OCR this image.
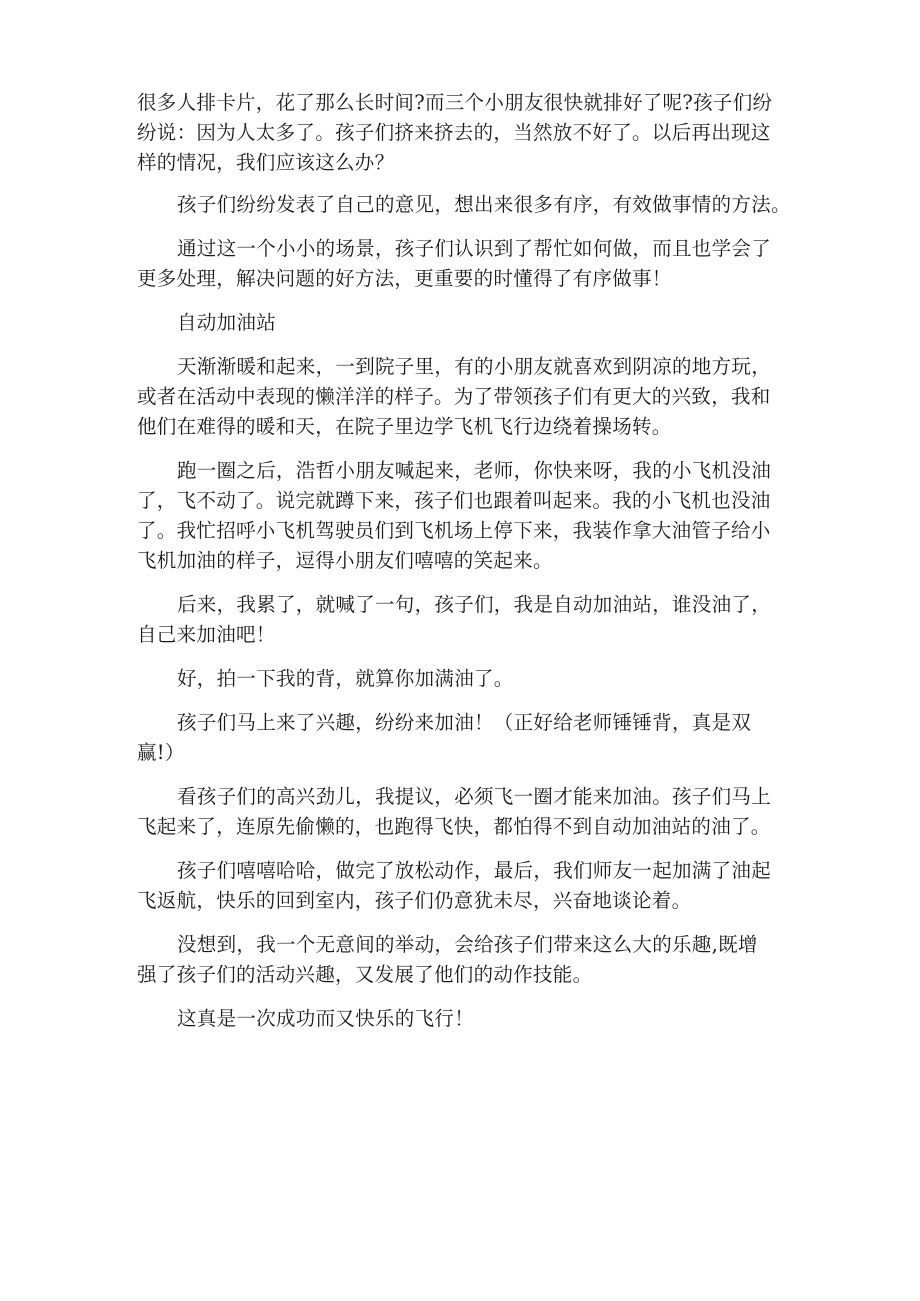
很多人排卡片，花了那么长时间?而三个小朋友很快就排好了呢?孩子们纷
纷说：因为人太多了。孩子们挤来挤去的，当然放不好了。以后再出现这
样的情况，我们应该这么办？

孩子们纷纷发表了自己的意见，想出来很多有序，有效做事情的方法。

通过这一个小小的场景，孩子们认识到了帮忙如何做，而且也学会了
更多处理，解决问题的好方法，更重要的时懂得了有序做事！

自动加油站

天渐渐暖和起来，一到院子里，有的小朋友就喜欢到阴凉的地方玩，
或者在活动中表现的懒洋洋的样子。为了带领孩子们有更大的兴致，我和
他们在难得的暖和天，在院子里边学飞机飞行边绕着操场转。

跑一圈之后，浩哲小朋友喊起来，老师，你快来呀，我的小飞机没油
了，飞不动了。说完就蹲下来，孩子们也跟着叫起来。我的小飞机也没油
了。我忙招呼小飞机驾驶员们到飞机场上停下来，我装作拿大油管子给小
飞机加油的样子，逗得小朋友们嘻嘻的笑起来。

后来，我累了，就喊了一句，孩子们，我是自动加油站，谁没油了，
自己来加油吧！

好，拍一下我的背，就算你加满油了。

孩子们马上来了兴趣，纷纷来加油！（正好给老师锤锤背，真是双
赢!）

看孩子们的高兴劲儿，我提议，必须飞一圈才能来加油。孩子们马上
飞起来了，连原先偷懒的，也跑得飞快，都怕得不到自动加油站的油了。

孩子们嘻嘻哈哈，做完了放松动作，最后，我们师友一起加满了油起
飞返航，快乐的回到室内，孩子们仍意犹未尽，兴奋地谈论着。

没想到，我一个无意间的举动，会给孩子们带来这么大的乐趣,既增
强了孩子们的活动兴趣，又发展了他们的动作技能。

这真是一次成功而又快乐的飞行！
